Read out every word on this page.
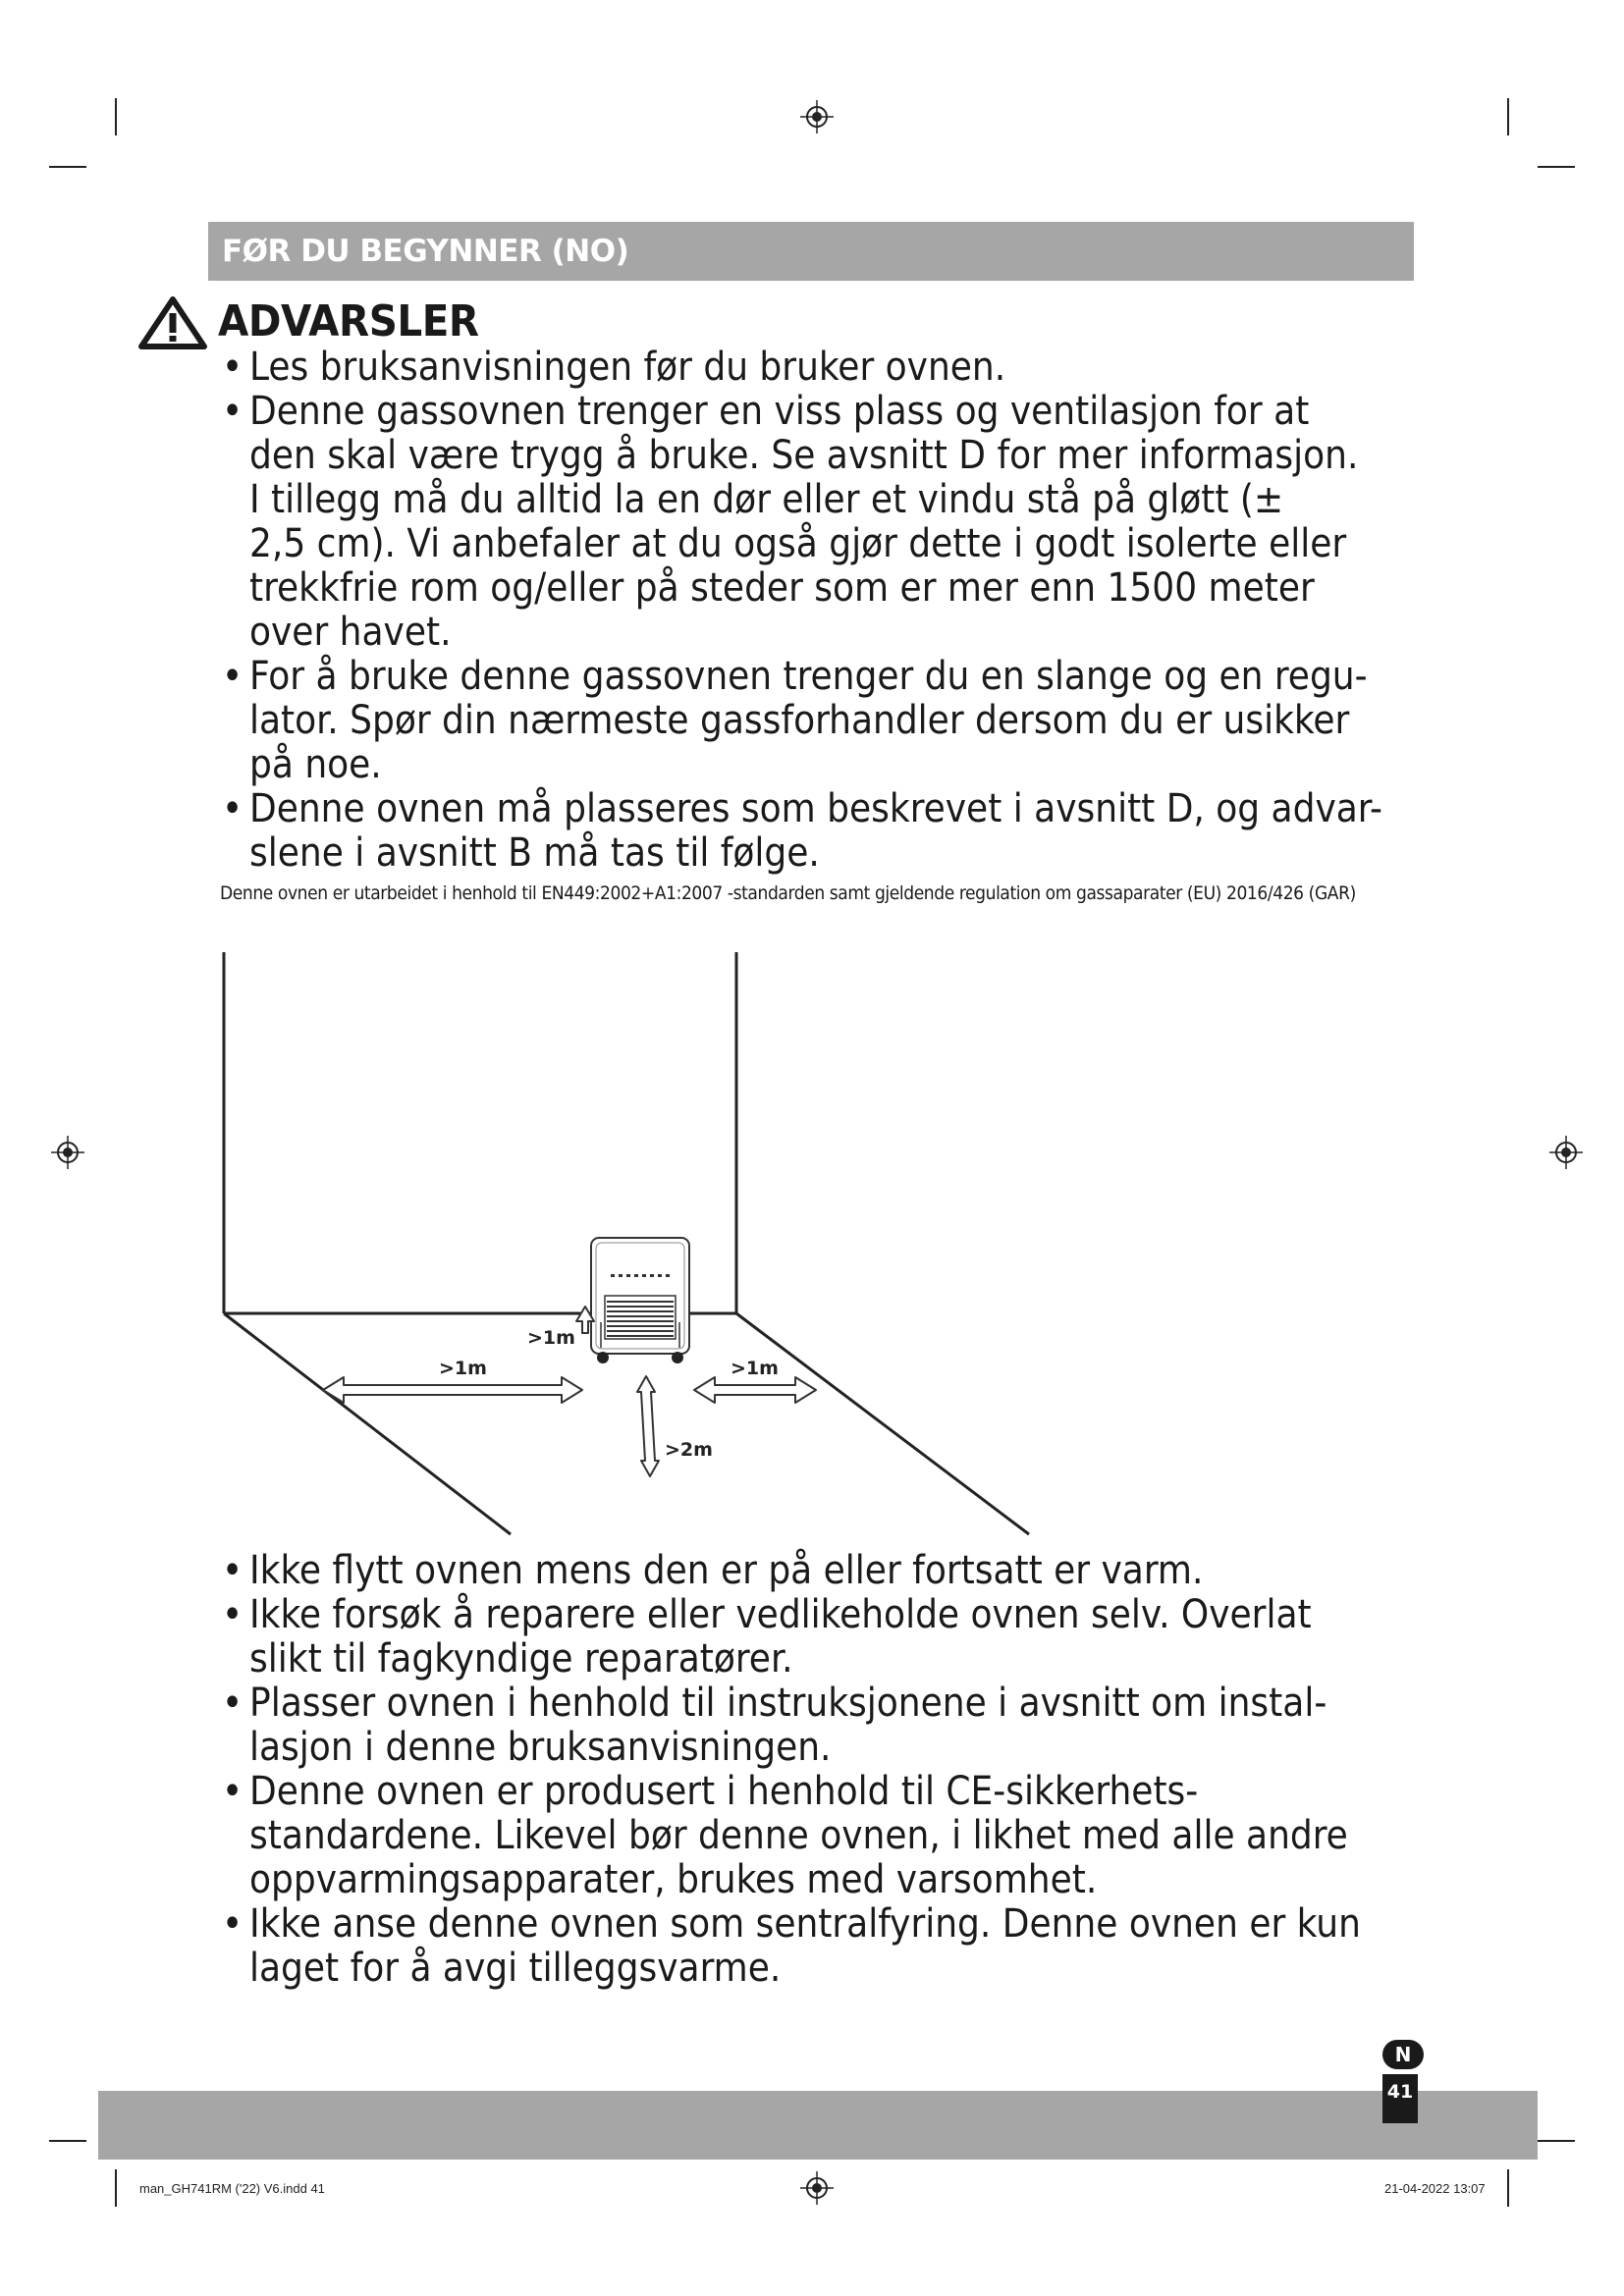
FØR DU BEGYNNER (NO)
ADVARSLER
• Les bruksanvisningen før du bruker ovnen.
• Denne gassovnen trenger en viss plass og ventilasjon for at
den skal være trygg å bruke. Se avsnitt D for mer informasjon.
I tillegg må du alltid la en dør eller et vindu stå på gløtt (±
2,5 cm). Vi anbefaler at du også gjør dette i godt isolerte eller
trekkfrie rom og/eller på steder som er mer enn 1500 meter
over havet.
• For å bruke denne gassovnen trenger du en slange og en regu-
lator. Spør din nærmeste gassforhandler dersom du er usikker
på noe.
• Denne ovnen må plasseres som beskrevet i avsnitt D, og advar-
slene i avsnitt B må tas til følge.
Denne ovnen er utarbeidet i henhold til EN449:2002+A1:2007 -standarden samt gjeldende regulation om gassaparater (EU) 2016/426 (GAR)
>1m
>1m	>1m
>2m
• Ikke flytt ovnen mens den er på eller fortsatt er varm.
• Ikke forsøk å reparere eller vedlikeholde ovnen selv. Overlat
slikt til fagkyndige reparatører.
• Plasser ovnen i henhold til instruksjonene i avsnitt om instal-
lasjon i denne bruksanvisningen.
• Denne ovnen er produsert i henhold til CE-sikkerhets-
standardene. Likevel bør denne ovnen, i likhet med alle andre
oppvarmingsapparater, brukes med varsomhet.
• Ikke anse denne ovnen som sentralfyring. Denne ovnen er kun
laget for å avgi tilleggsvarme.
N
41
man_GH741RM ('22) V6.indd 41	21-04-2022 13:07
